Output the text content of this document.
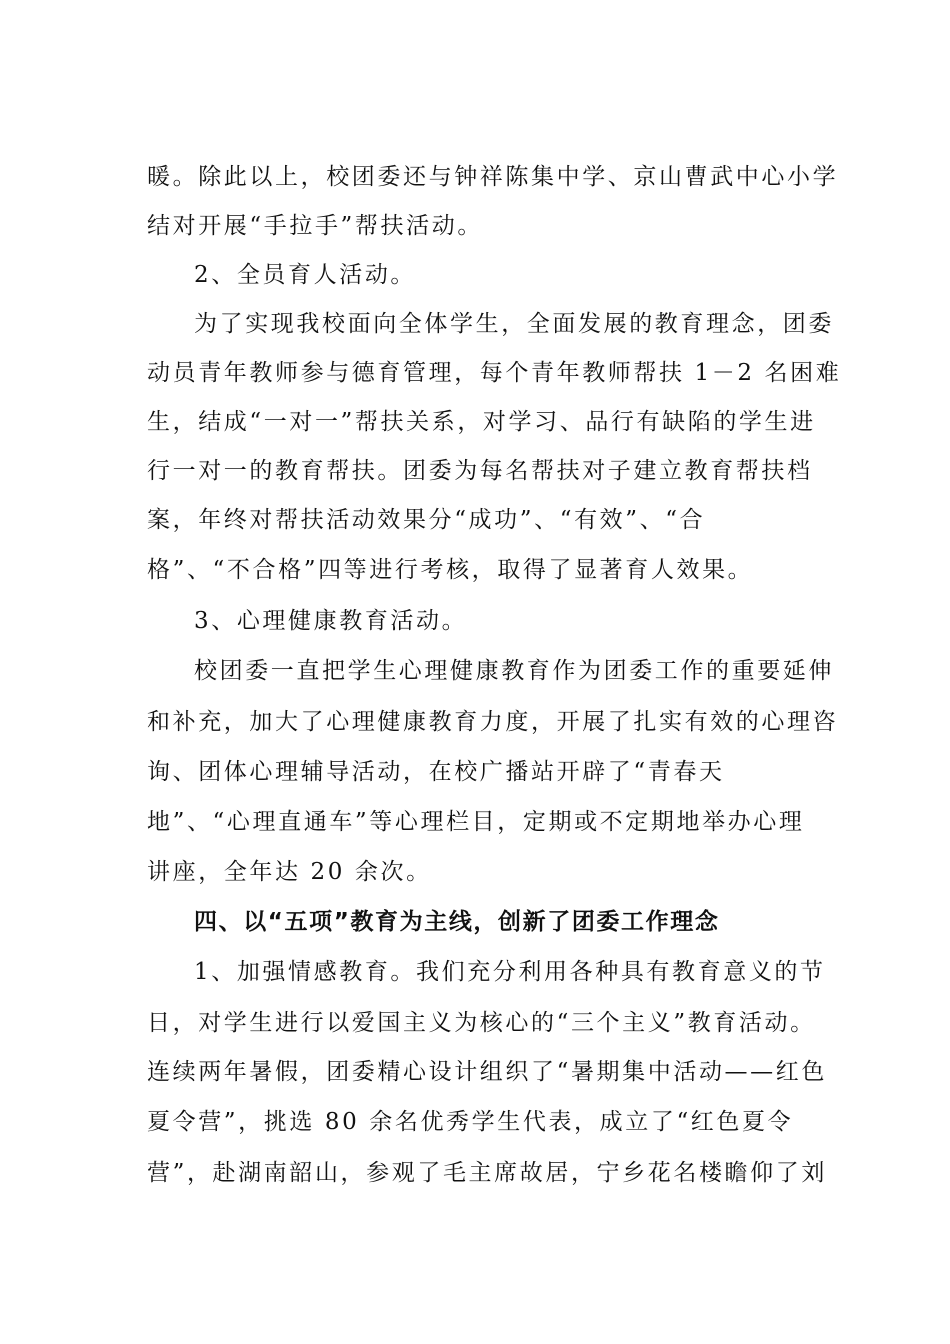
暖。除此以上，校团委还与钟祥陈集中学、京山曹武中心小学
结对开展“手拉手”帮扶活动。
2、全员育人活动。
为了实现我校面向全体学生，全面发展的教育理念，团委
动员青年教师参与德育管理，每个青年教师帮扶 1－2 名困难
生，结成“一对一”帮扶关系，对学习、品行有缺陷的学生进
行一对一的教育帮扶。团委为每名帮扶对子建立教育帮扶档
案，年终对帮扶活动效果分“成功”、“有效”、“合
格”、“不合格”四等进行考核，取得了显著育人效果。
3、心理健康教育活动。
校团委一直把学生心理健康教育作为团委工作的重要延伸
和补充，加大了心理健康教育力度，开展了扎实有效的心理咨
询、团体心理辅导活动，在校广播站开辟了“青春天
地”、“心理直通车”等心理栏目，定期或不定期地举办心理
讲座，全年达 20 余次。
四、以“五项”教育为主线，创新了团委工作理念
1、加强情感教育。我们充分利用各种具有教育意义的节
日，对学生进行以爱国主义为核心的“三个主义”教育活动。
连续两年暑假，团委精心设计组织了“暑期集中活动——红色
夏令营”，挑选 80 余名优秀学生代表，成立了“红色夏令
营”，赴湖南韶山，参观了毛主席故居，宁乡花名楼瞻仰了刘
